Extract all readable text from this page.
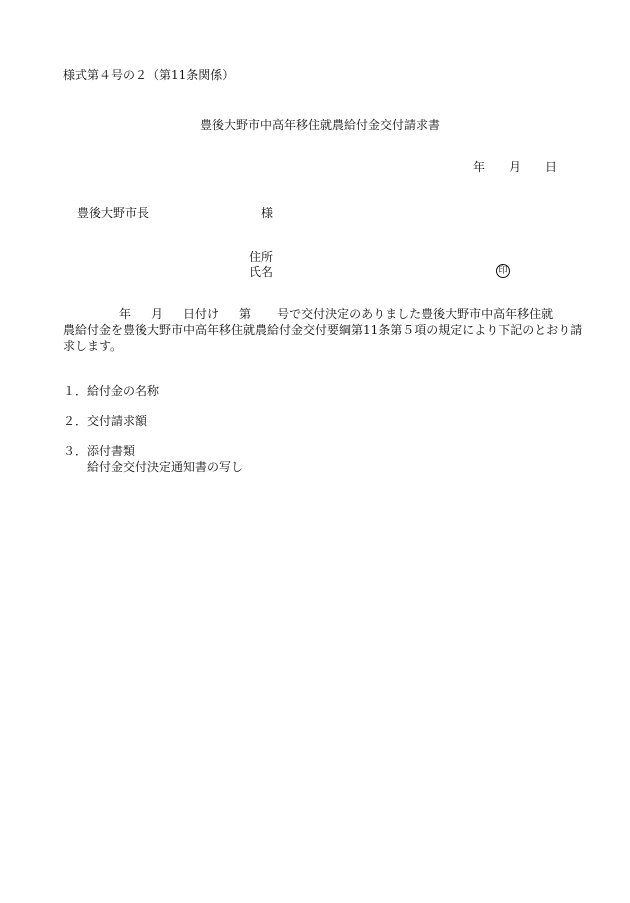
様式第４号の２（第11条関係）
豊後大野市中高年移住就農給付金交付請求書
年 月 日
豊後大野市長	様
住所
氏名	印
年 月 日付け 第 号で交付決定のありました豊後大野市中高年移住就
農給付金を豊後大野市中高年移住就農給付金交付要綱第11条第５項の規定により下記のとおり請
求します。
１．給付金の名称
２．交付請求額
３．添付書類
給付金交付決定通知書の写し
